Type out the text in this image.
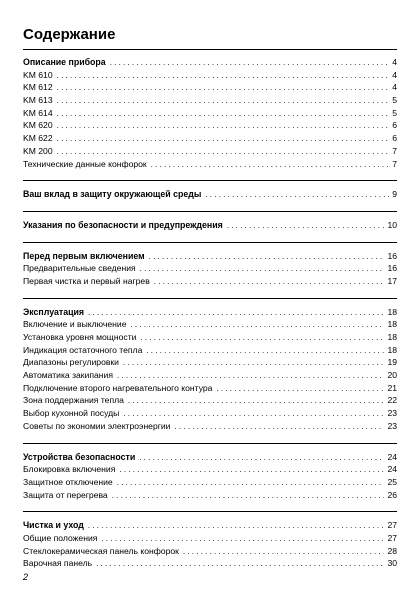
Содержание
Описание прибора . . .	4
KM 610 . . .	4
KM 612 . . .	4
KM 613 . . .	5
KM 614 . . .	5
KM 620 . . .	6
KM 622 . . .	6
KM 200 . . .	7
Технические данные конфорок . . .	7
Ваш вклад в защиту окружающей среды . . .	9
Указания по безопасности и предупреждения . . .	10
Перед первым включением . . .	16
Предварительные сведения . . .	16
Первая чистка и первый нагрев . . .	17
Эксплуатация . . .	18
Включение и выключение . . .	18
Установка уровня мощности . . .	18
Индикация остаточного тепла . . .	18
Диапазоны регулировки . . .	19
Автоматика закипания . . .	20
Подключение второго нагревательного контура . . .	21
Зона поддержания тепла . . .	22
Выбор кухонной посуды . . .	23
Советы по экономии электроэнергии . . .	23
Устройства безопасности . . .	24
Блокировка включения . . .	24
Защитное отключение . . .	25
Защита от перегрева . . .	26
Чистка и уход . . .	27
Общие положения . . .	27
Стеклокерамическая панель конфорок . . .	28
Варочная панель . . .	30
2
